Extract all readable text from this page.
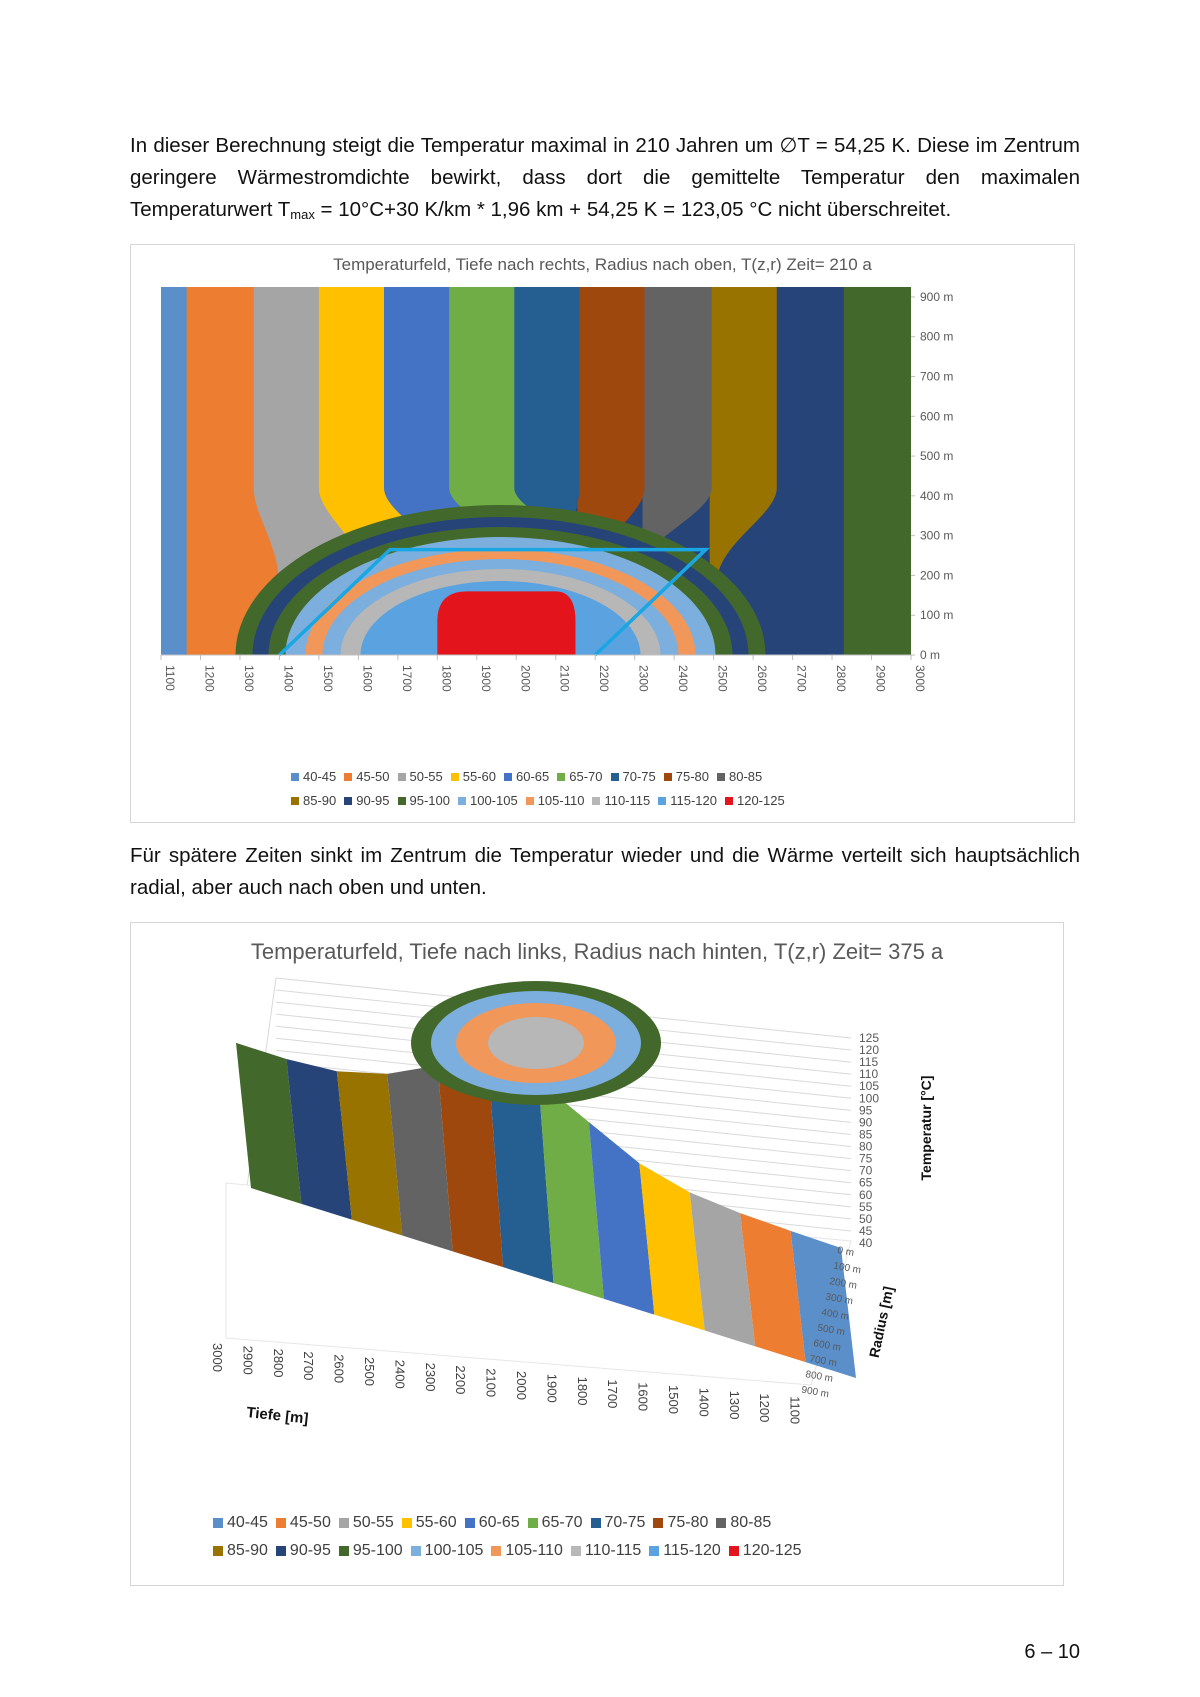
In dieser Berechnung steigt die Temperatur maximal in 210 Jahren um ∅T = 54,25 K. Diese im Zentrum geringere Wärmestromdichte bewirkt, dass dort die gemittelte Temperatur den maximalen Temperaturwert $T_{max} = 10^\circ C+30$ K/km * 1,96 km + 54,25 K = 123,05 °C nicht überschreitet.
Temperaturfeld, Tiefe nach rechts, Radius nach oben, T(z,r) Zeit= 210 a
1100 1200 1300 1400 1500 1600 1700 1800 1900 2000 2100 2200 2300 2400 2500 2600 2700 2800 2900 3000
0 m
100 m
200 m
300 m
400 m
500 m
600 m
700 m
800 m
900 m
40-45 45-50 50-55 55-60 60-65 65-70 70-75 75-80 80-85
85-90 90-95 95-100 100-105 105-110 110-115 115-120 120-125
Für spätere Zeiten sinkt im Zentrum die Temperatur wieder und die Wärme verteilt sich hauptsächlich radial, aber auch nach oben und unten.
Temperaturfeld, Tiefe nach links, Radius nach hinten, T(z,r) Zeit= 375 a
125
120
115
110
105
100
95
90
85
80
75
70
65
60
55
50
45
40
Temperatur [°C]
0 m
100 m
200 m
300 m
400 m
500 m
600 m
700 m
800 m
900 m
Radius [m]
3000 2900 2800 2700 2600 2500 2400 2300 2200 2100 2000 1900 1800 1700 1600 1500 1400 1300 1200 1100
Tiefe [m]
40-45 45-50 50-55 55-60 60-65 65-70 70-75 75-80 80-85
85-90 90-95 95-100 100-105 105-110 110-115 115-120 120-125
6 – 10
